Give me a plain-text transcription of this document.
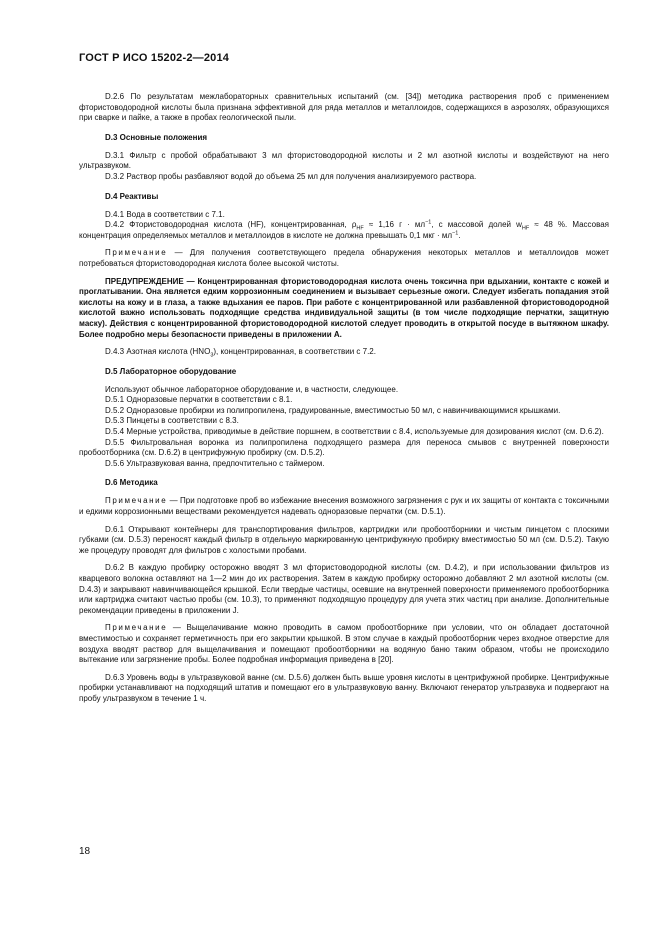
ГОСТ Р ИСО 15202-2—2014

D.2.6 По результатам межлабораторных сравнительных испытаний (см. [34]) методика растворения проб с применением фтористоводородной кислоты была признана эффективной для ряда металлов и металлоидов, содержащихся в аэрозолях, образующихся при сварке и пайке, а также в пробах геологической пыли.

D.3 Основные положения

D.3.1 Фильтр с пробой обрабатывают 3 мл фтористоводородной кислоты и 2 мл азотной кислоты и воздействуют на него ультразвуком.

D.3.2 Раствор пробы разбавляют водой до объема 25 мл для получения анализируемого раствора.

D.4 Реактивы

D.4.1 Вода в соответствии с 7.1.

D.4.2 Фтористоводородная кислота (HF), концентрированная, $\rho_{HF} \approx 1,16$ $г \cdot мл^{-1}$, с массовой долей $w_{HF} \approx 48$ %. Массовая концентрация определяемых металлов и металлоидов в кислоте не должна превышать 0,1 мкг · $мл^{-1}$.

Примечание — Для получения соответствующего предела обнаружения некоторых металлов и металлоидов может потребоваться фтористоводородная кислота более высокой чистоты.

ПРЕДУПРЕЖДЕНИЕ — Концентрированная фтористоводородная кислота очень токсична при вдыхании, контакте с кожей и проглатывании. Она является едким коррозионным соединением и вызывает серьезные ожоги. Следует избегать попадания этой кислоты на кожу и в глаза, а также вдыхания ее паров. При работе с концентрированной или разбавленной фтористоводородной кислотой важно использовать подходящие средства индивидуальной защиты (в том числе подходящие перчатки, защитную маску). Действия с концентрированной фтористоводородной кислотой следует проводить в открытой посуде в вытяжном шкафу. Более подробно меры безопасности приведены в приложении А.

D.4.3 Азотная кислота $(HNO_3)$, концентрированная, в соответствии с 7.2.

D.5 Лабораторное оборудование

Используют обычное лабораторное оборудование и, в частности, следующее.

D.5.1 Одноразовые перчатки в соответствии с 8.1.

D.5.2 Одноразовые пробирки из полипропилена, градуированные, вместимостью 50 мл, с навинчивающимися крышками.

D.5.3 Пинцеты в соответствии с 8.3.

D.5.4 Мерные устройства, приводимые в действие поршнем, в соответствии с 8.4, используемые для дозирования кислот (см. D.6.2).

D.5.5 Фильтровальная воронка из полипропилена подходящего размера для переноса смывов с внутренней поверхности пробоотборника (см. D.6.2) в центрифужную пробирку (см. D.5.2).

D.5.6 Ультразвуковая ванна, предпочтительно с таймером.

D.6 Методика

Примечание — При подготовке проб во избежание внесения возможного загрязнения с рук и их защиты от контакта с токсичными и едкими коррозионными веществами рекомендуется надевать одноразовые перчатки (см. D.5.1).

D.6.1 Открывают контейнеры для транспортирования фильтров, картриджи или пробоотборники и чистым пинцетом с плоскими губками (см. D.5.3) переносят каждый фильтр в отдельную маркированную центрифужную пробирку вместимостью 50 мл (см. D.5.2). Такую же процедуру проводят для фильтров с холостыми пробами.

D.6.2 В каждую пробирку осторожно вводят 3 мл фтористоводородной кислоты (см. D.4.2), и при использовании фильтров из кварцевого волокна оставляют на 1—2 мин до их растворения. Затем в каждую пробирку осторожно добавляют 2 мл азотной кислоты (см. D.4.3) и закрывают навинчивающейся крышкой. Если твердые частицы, осевшие на внутренней поверхности применяемого пробоотборника или картриджа считают частью пробы (см. 10.3), то применяют подходящую процедуру для учета этих частиц при анализе. Дополнительные рекомендации приведены в приложении J.

Примечание — Выщелачивание можно проводить в самом пробоотборнике при условии, что он обладает достаточной вместимостью и сохраняет герметичность при его закрытии крышкой. В этом случае в каждый пробоотборник через входное отверстие для воздуха вводят раствор для выщелачивания и помещают пробоотборники на водяную баню таким образом, чтобы не происходило вытекание или загрязнение пробы. Более подробная информация приведена в [20].

D.6.3 Уровень воды в ультразвуковой ванне (см. D.5.6) должен быть выше уровня кислоты в центрифужной пробирке. Центрифужные пробирки устанавливают на подходящий штатив и помещают его в ультразвуковую ванну. Включают генератор ультразвука и подвергают на пробу ультразвуком в течение 1 ч.

18
